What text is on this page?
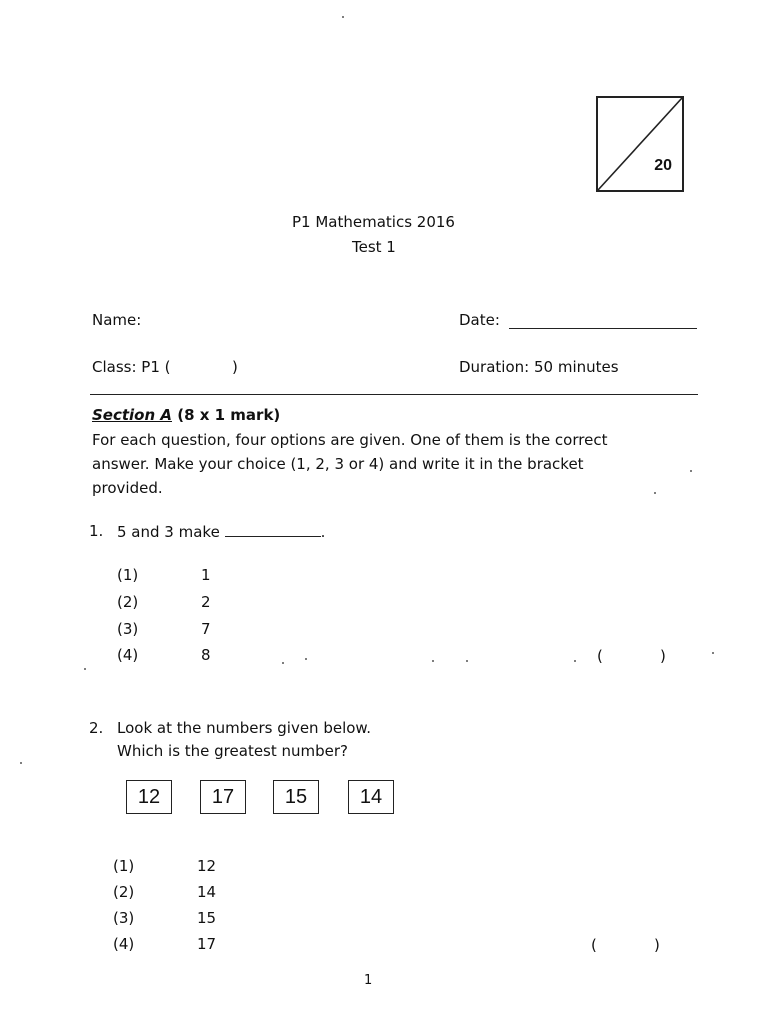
20
P1 Mathematics 2016
Test 1
Name:	Date:
Class: P1 (	)	Duration: 50 minutes
Section A (8 x 1 mark)
For each question, four options are given. One of them is the correct
answer. Make your choice (1, 2, 3 or 4) and write it in the bracket
provided.
1. 5 and 3 make	.
(1)	1
(2)	2
(3)	7
(4)	8	(	)
2. Look at the numbers given below.
Which is the greatest number?
12	17	15	14
(1)	12
(2)	14
(3)	15
(4)	17	(	)
1
